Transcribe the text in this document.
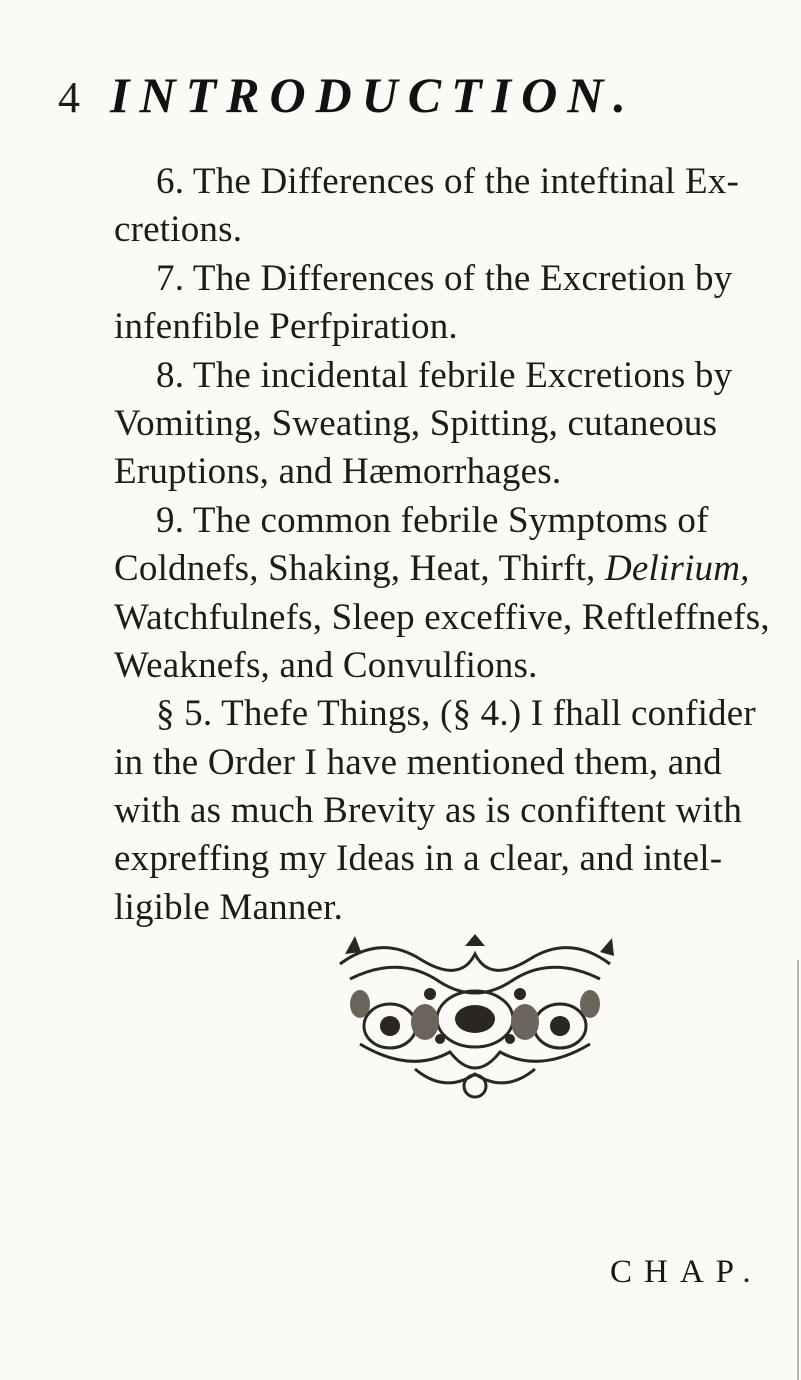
4 INTRODUCTION.
6. The Differences of the inteftinal Ex-
cretions.
7. The Differences of the Excretion by
infenfible Perfpiration.
8. The incidental febrile Excretions by
Vomiting, Sweating, Spitting, cutaneous
Eruptions, and Hæmorrhages.
9. The common febrile Symptoms of
Coldnefs, Shaking, Heat, Thirft, Delirium,
Watchfulnefs, Sleep exceffive, Reftleffnefs,
Weaknefs, and Convulfions.
§ 5. Thefe Things, (§ 4.) I fhall confider
in the Order I have mentioned them, and
with as much Brevity as is confiftent with
expreffing my Ideas in a clear, and intel-
ligible Manner.
CHAP.
